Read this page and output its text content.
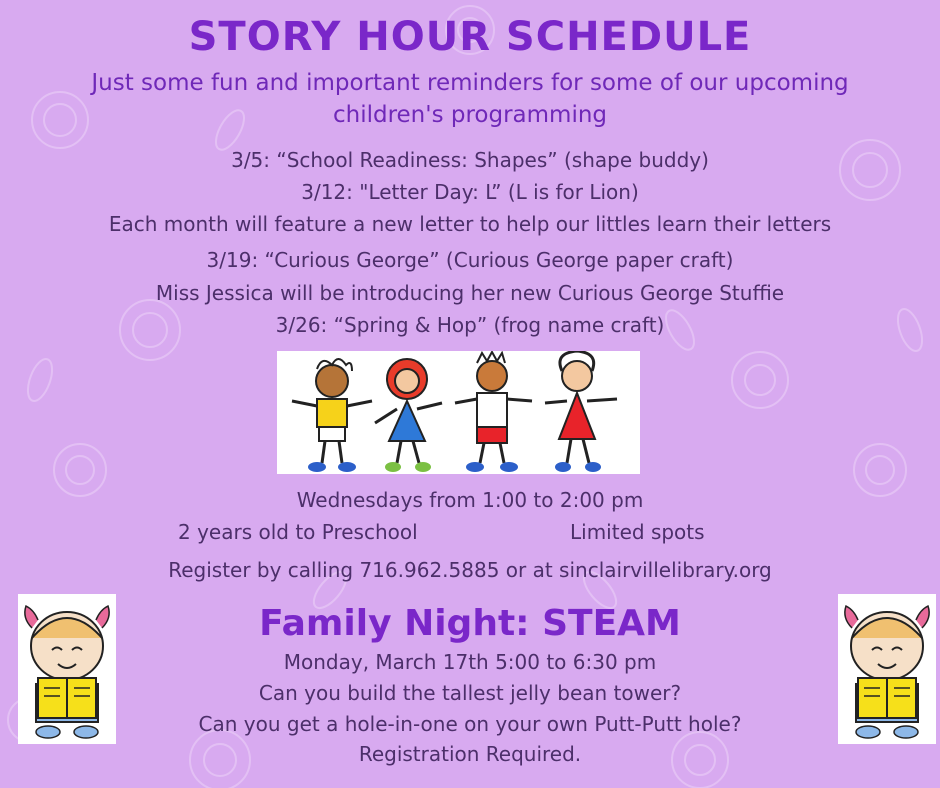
STORY HOUR SCHEDULE
Just some fun and important reminders for some of our upcoming
children's programming
3/5: “School Readiness: Shapes” (shape buddy)
3/12: "Letter Day: L” (L is for Lion)
Each month will feature a new letter to help our littles learn their letters
3/19: “Curious George” (Curious George paper craft)
Miss Jessica will be introducing her new Curious George Stuffie
3/26: “Spring & Hop” (frog name craft)
Wednesdays from 1:00 to 2:00 pm
2 years old to Preschool	Limited spots
Register by calling 716.962.5885 or at sinclairvillelibrary.org
Family Night: STEAM
Monday, March 17th 5:00 to 6:30 pm
Can you build the tallest jelly bean tower?
Can you get a hole-in-one on your own Putt-Putt hole?
Registration Required.
